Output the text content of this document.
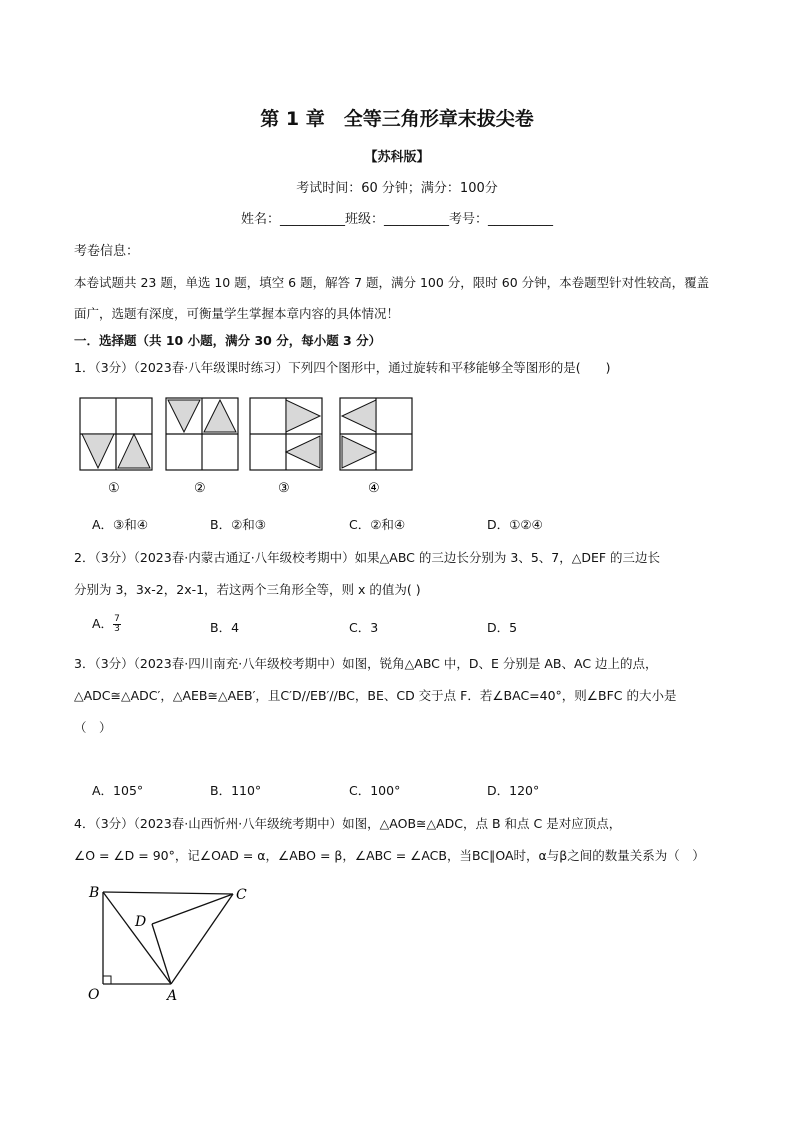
第 1 章　全等三角形章末拔尖卷
【苏科版】
考试时间：60 分钟；满分：100分
姓名：__________班级：__________考号：__________
考卷信息：
本卷试题共 23 题，单选 10 题，填空 6 题，解答 7 题，满分 100 分，限时 60 分钟，本卷题型针对性较高，覆盖
面广，选题有深度，可衡量学生掌握本章内容的具体情况！
一．选择题（共 10 小题，满分 30 分，每小题 3 分）
1．（3分）（2023春·八年级课时练习）下列四个图形中，通过旋转和平移能够全等图形的是(　　)
①	②	③	④
A．③和④	B．②和③	C．②和④	D．①②④
2．（3分）（2023春·内蒙古通辽·八年级校考期中）如果△ABC 的三边长分别为 3、5、7，△DEF 的三边长
分别为 3，3x-2，2x-1，若这两个三角形全等，则 x 的值为( )
A． $\frac{7}{3}$	B．4	C．3	D．5
3．（3分）（2023春·四川南充·八年级校考期中）如图，锐角△ABC 中，D、E 分别是 AB、AC 边上的点，
△ADC≅△ADC′，△AEB≅△AEB′，且C′D//EB′//BC，BE、CD 交于点 F．若∠BAC=40°，则∠BFC 的大小是
（　）
A．105°	B．110°	C．100°	D．120°
4．（3分）（2023春·山西忻州·八年级统考期中）如图，△AOB≅△ADC，点 B 和点 C 是对应顶点，
∠O = ∠D = 90°，记∠OAD = α，∠ABO = β，∠ABC = ∠ACB，当BC∥OA时，α与β之间的数量关系为（　）
B	C
D
O	A
